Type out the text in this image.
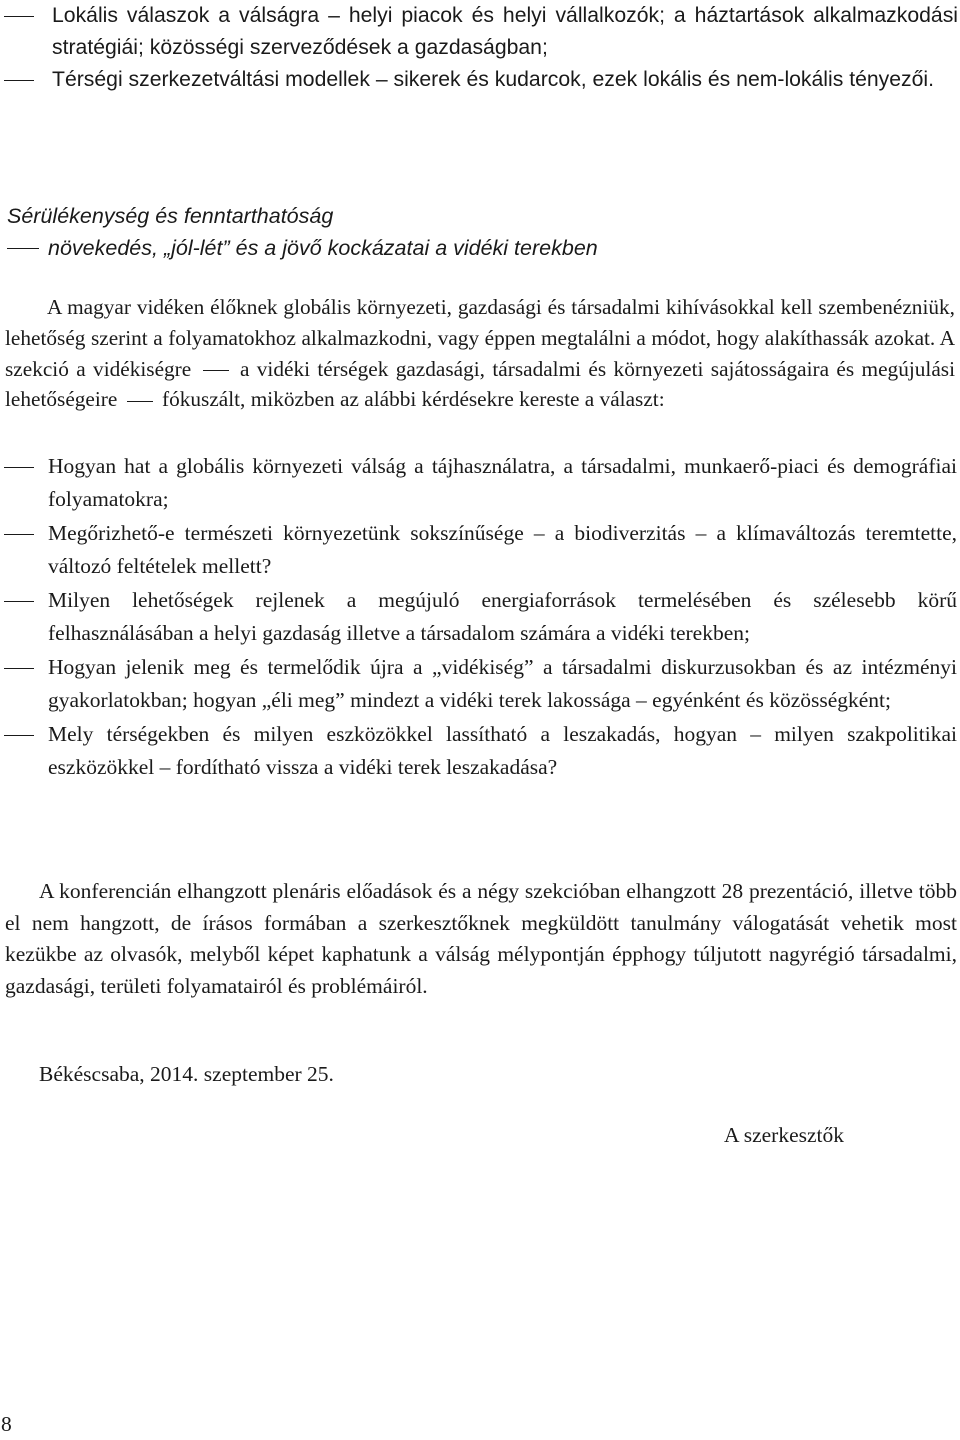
Lokális válaszok a válságra – helyi piacok és helyi vállalkozók; a háztartások alkalmazkodási stratégiái; közösségi szerveződések a gazdaságban;
Térségi szerkezetváltási modellek – sikerek és kudarcok, ezek lokális és nem-lokális tényezői.
Sérülékenység és fenntarthatóság
növekedés, „jól-lét” és a jövő kockázatai a vidéki terekben

A magyar vidéken élőknek globális környezeti, gazdasági és társadalmi kihívásokkal kell szembenézniük, lehetőség szerint a folyamatokhoz alkalmazkodni, vagy éppen megtalálni a módot, hogy alakíthassák azokat. A szekció a vidékiségre  a vidéki térségek gazdasági, társadalmi és környezeti sajátosságaira és megújulási lehetőségeire  fókuszált, miközben az alábbi kérdésekre kereste a választ:

Hogyan hat a globális környezeti válság a tájhasználatra, a társadalmi, munkaerő-piaci és demográfiai folyamatokra;
Megőrizhető-e természeti környezetünk sokszínűsége – a biodiverzitás – a klímaváltozás teremtette, változó feltételek mellett?
Milyen lehetőségek rejlenek a megújuló energiaforrások termelésében és szélesebb körű felhasználásában a helyi gazdaság illetve a társadalom számára a vidéki terekben;
Hogyan jelenik meg és termelődik újra a „vidékiség” a társadalmi diskurzusokban és az intézményi gyakorlatokban; hogyan „éli meg” mindezt a vidéki terek lakossága – egyénként és közösségként;
Mely térségekben és milyen eszközökkel lassítható a leszakadás, hogyan – milyen szakpolitikai eszközökkel – fordítható vissza a vidéki terek leszakadása?

A konferencián elhangzott plenáris előadások és a négy szekcióban elhangzott 28 prezentáció, illetve több el nem hangzott, de írásos formában a szerkesztőknek megküldött tanulmány válogatását vehetik most kezükbe az olvasók, melyből képet kaphatunk a válság mélypontján épphogy túljutott nagyrégió társadalmi, gazdasági, területi folyamatairól és problémáiról.

Békéscsaba, 2014. szeptember 25.
A szerkesztők
8
